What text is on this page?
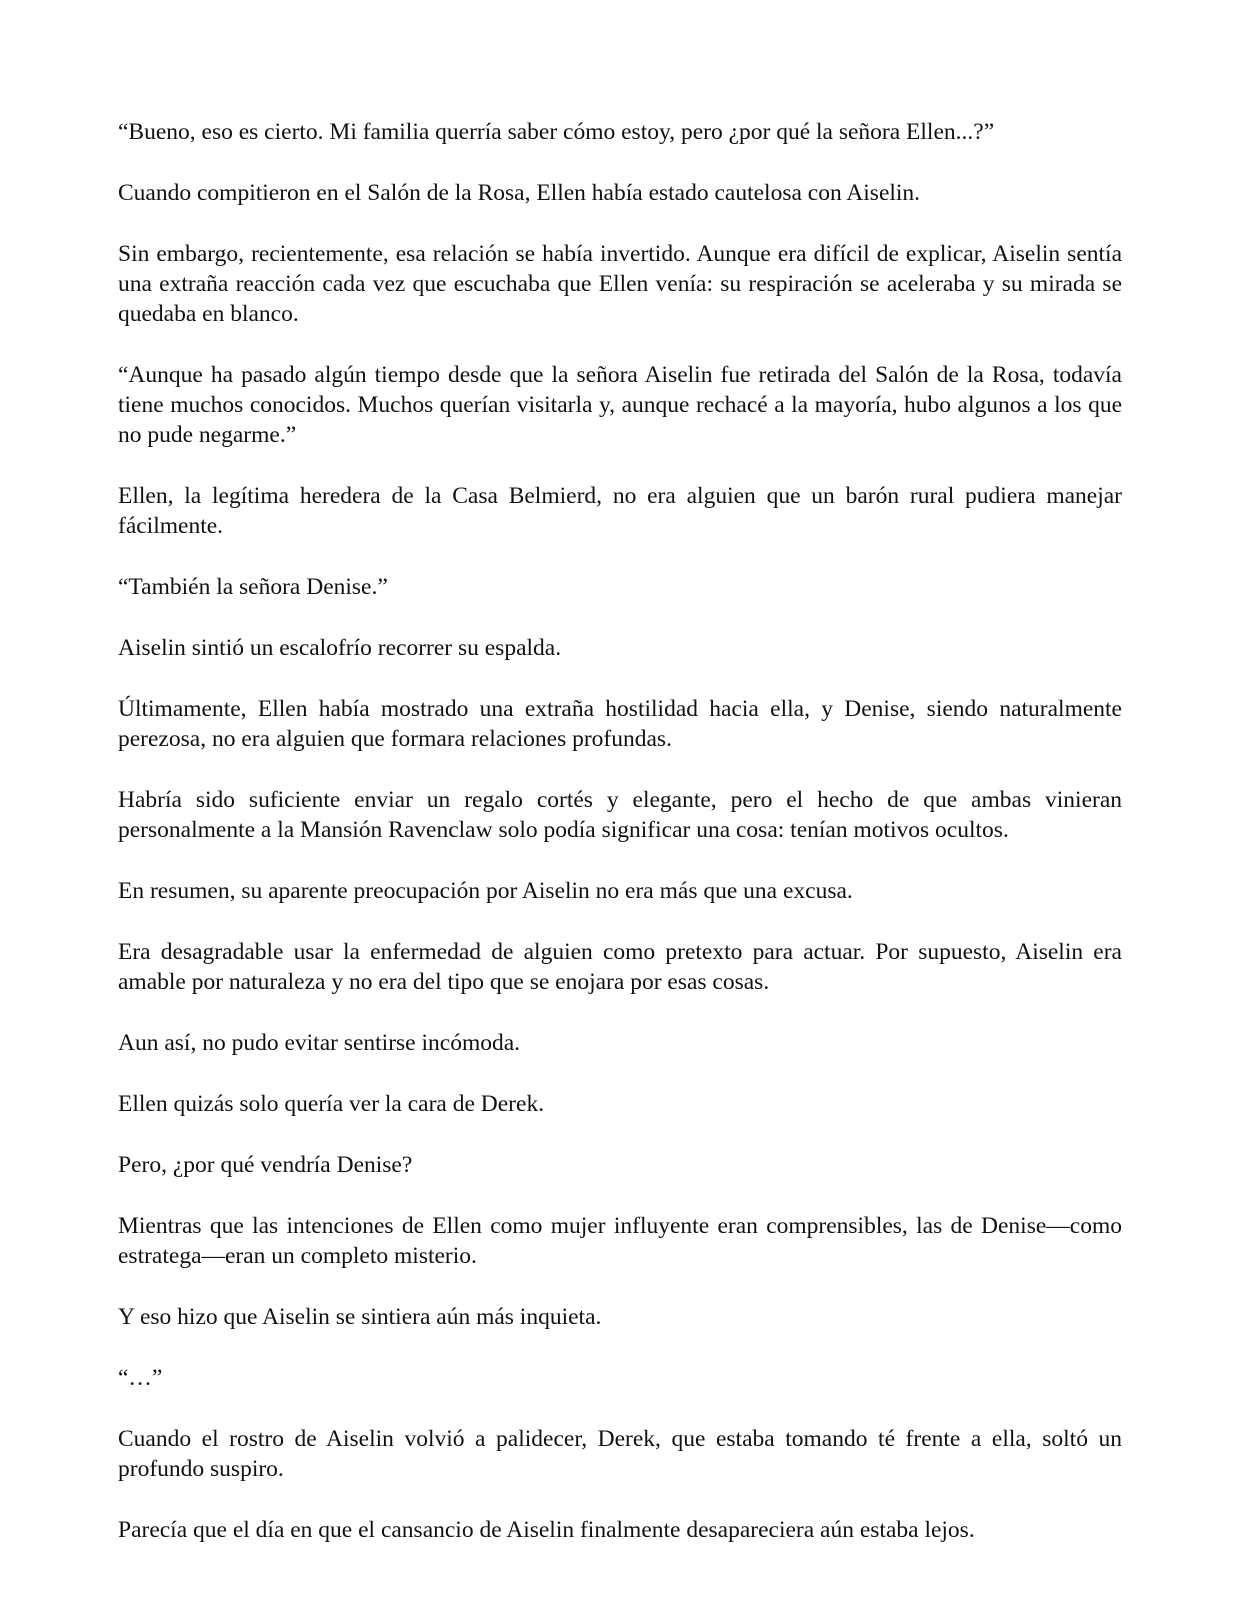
“Bueno, eso es cierto. Mi familia querría saber cómo estoy, pero ¿por qué la señora Ellen...?”

Cuando compitieron en el Salón de la Rosa, Ellen había estado cautelosa con Aiselin.

Sin embargo, recientemente, esa relación se había invertido. Aunque era difícil de explicar, Aiselin sentía una extraña reacción cada vez que escuchaba que Ellen venía: su respiración se aceleraba y su mirada se quedaba en blanco.

“Aunque ha pasado algún tiempo desde que la señora Aiselin fue retirada del Salón de la Rosa, todavía tiene muchos conocidos. Muchos querían visitarla y, aunque rechacé a la mayoría, hubo algunos a los que no pude negarme.”

Ellen, la legítima heredera de la Casa Belmierd, no era alguien que un barón rural pudiera manejar fácilmente.

“También la señora Denise.”

Aiselin sintió un escalofrío recorrer su espalda.

Últimamente, Ellen había mostrado una extraña hostilidad hacia ella, y Denise, siendo naturalmente perezosa, no era alguien que formara relaciones profundas.

Habría sido suficiente enviar un regalo cortés y elegante, pero el hecho de que ambas vinieran personalmente a la Mansión Ravenclaw solo podía significar una cosa: tenían motivos ocultos.

En resumen, su aparente preocupación por Aiselin no era más que una excusa.

Era desagradable usar la enfermedad de alguien como pretexto para actuar. Por supuesto, Aiselin era amable por naturaleza y no era del tipo que se enojara por esas cosas.

Aun así, no pudo evitar sentirse incómoda.

Ellen quizás solo quería ver la cara de Derek.

Pero, ¿por qué vendría Denise?

Mientras que las intenciones de Ellen como mujer influyente eran comprensibles, las de Denise—como estratega—eran un completo misterio.

Y eso hizo que Aiselin se sintiera aún más inquieta.

“…”

Cuando el rostro de Aiselin volvió a palidecer, Derek, que estaba tomando té frente a ella, soltó un profundo suspiro.

Parecía que el día en que el cansancio de Aiselin finalmente desapareciera aún estaba lejos.
